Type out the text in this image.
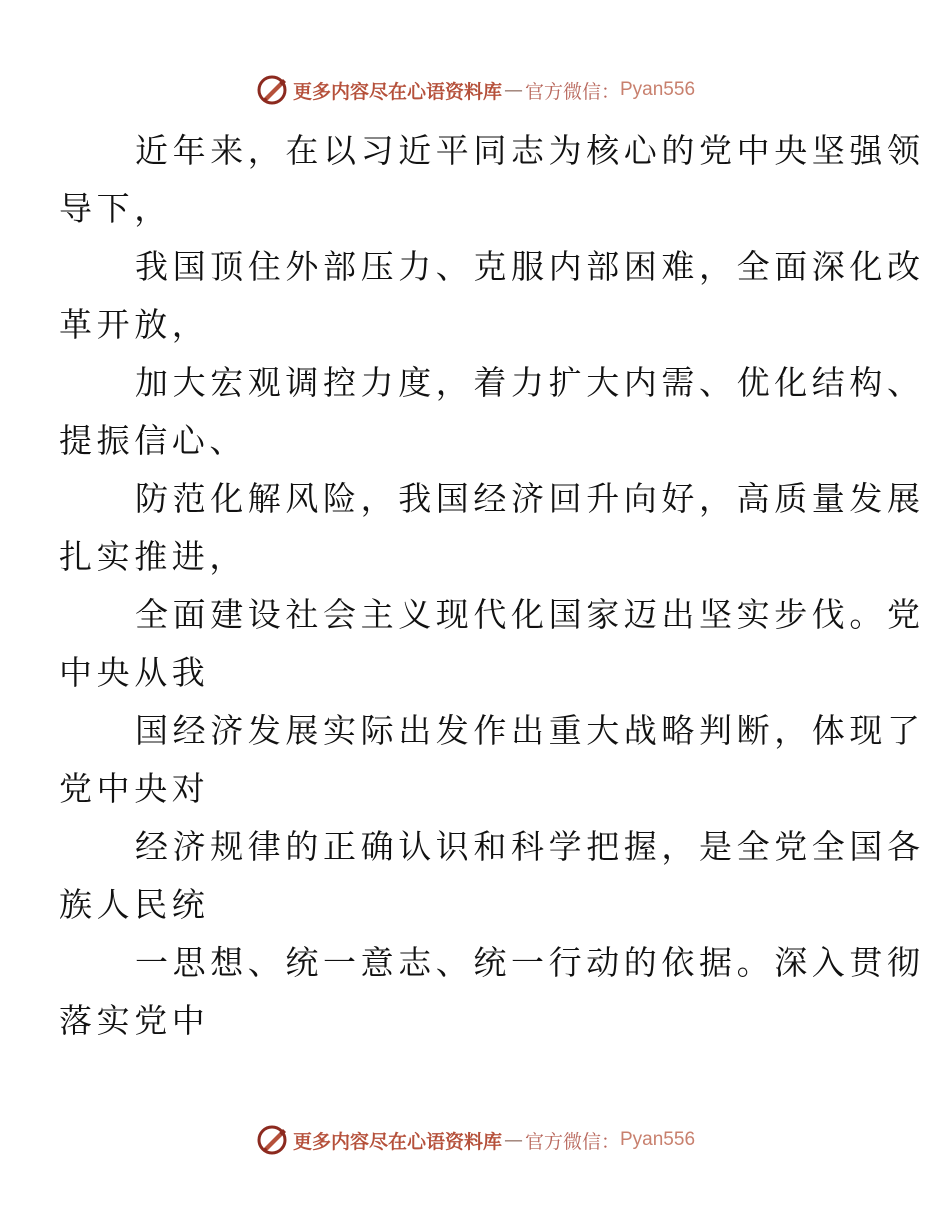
更多内容尽在心语资料库 — 官方微信： Pyan556

近年来，在以习近平同志为核心的党中央坚强领
导下，

我国顶住外部压力、克服内部困难，全面深化改
革开放，

加大宏观调控力度，着力扩大内需、优化结构、
提振信心、

防范化解风险，我国经济回升向好，高质量发展
扎实推进，

全面建设社会主义现代化国家迈出坚实步伐。党
中央从我

国经济发展实际出发作出重大战略判断，体现了
党中央对

经济规律的正确认识和科学把握，是全党全国各
族人民统

一思想、统一意志、统一行动的依据。深入贯彻
落实党中

更多内容尽在心语资料库 — 官方微信： Pyan556
